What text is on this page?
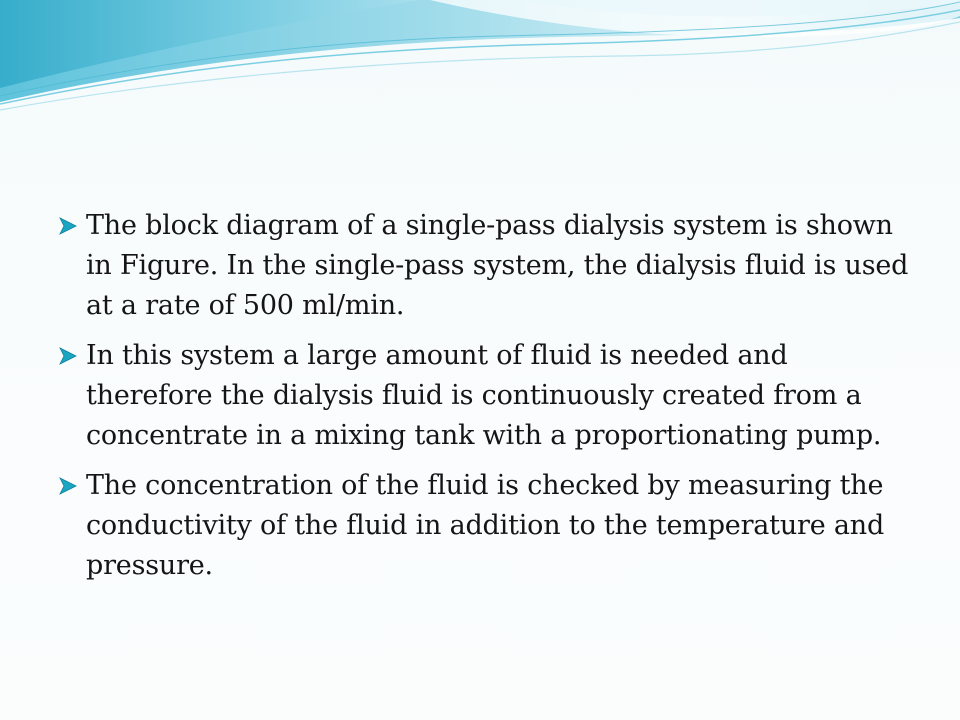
The block diagram of a single-pass dialysis system is shown in Figure. In the single-pass system, the dialysis fluid is used at a rate of 500 ml/min.
In this system a large amount of fluid is needed and therefore the dialysis fluid is continuously created from a concentrate in a mixing tank with a proportionating pump.
The concentration of the fluid is checked by measuring the conductivity of the fluid in addition to the temperature and pressure.
